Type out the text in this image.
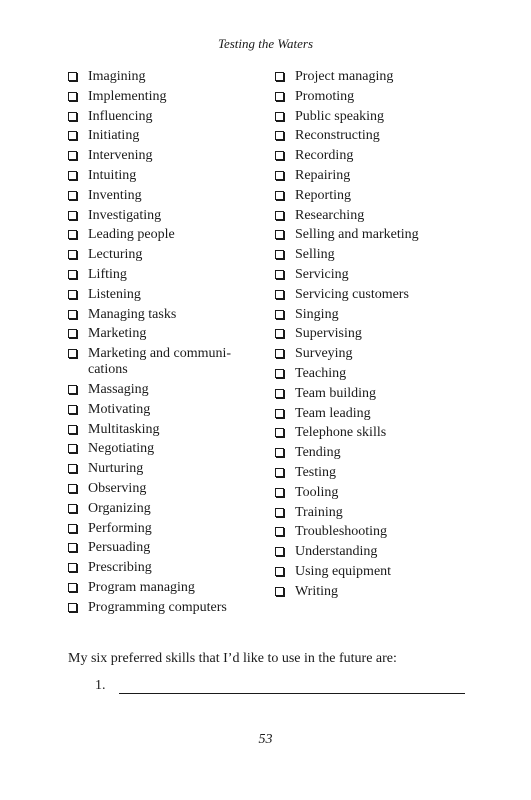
Testing the Waters
Imagining
Implementing
Influencing
Initiating
Intervening
Intuiting
Inventing
Investigating
Leading people
Lecturing
Lifting
Listening
Managing tasks
Marketing
Marketing and communi-
cations
Massaging
Motivating
Multitasking
Negotiating
Nurturing
Observing
Organizing
Performing
Persuading
Prescribing
Program managing
Programming computers
Project managing
Promoting
Public speaking
Reconstructing
Recording
Repairing
Reporting
Researching
Selling and marketing
Selling
Servicing
Servicing customers
Singing
Supervising
Surveying
Teaching
Team building
Team leading
Telephone skills
Tending
Testing
Tooling
Training
Troubleshooting
Understanding
Using equipment
Writing
My six preferred skills that I’d like to use in the future are:
1.
53
